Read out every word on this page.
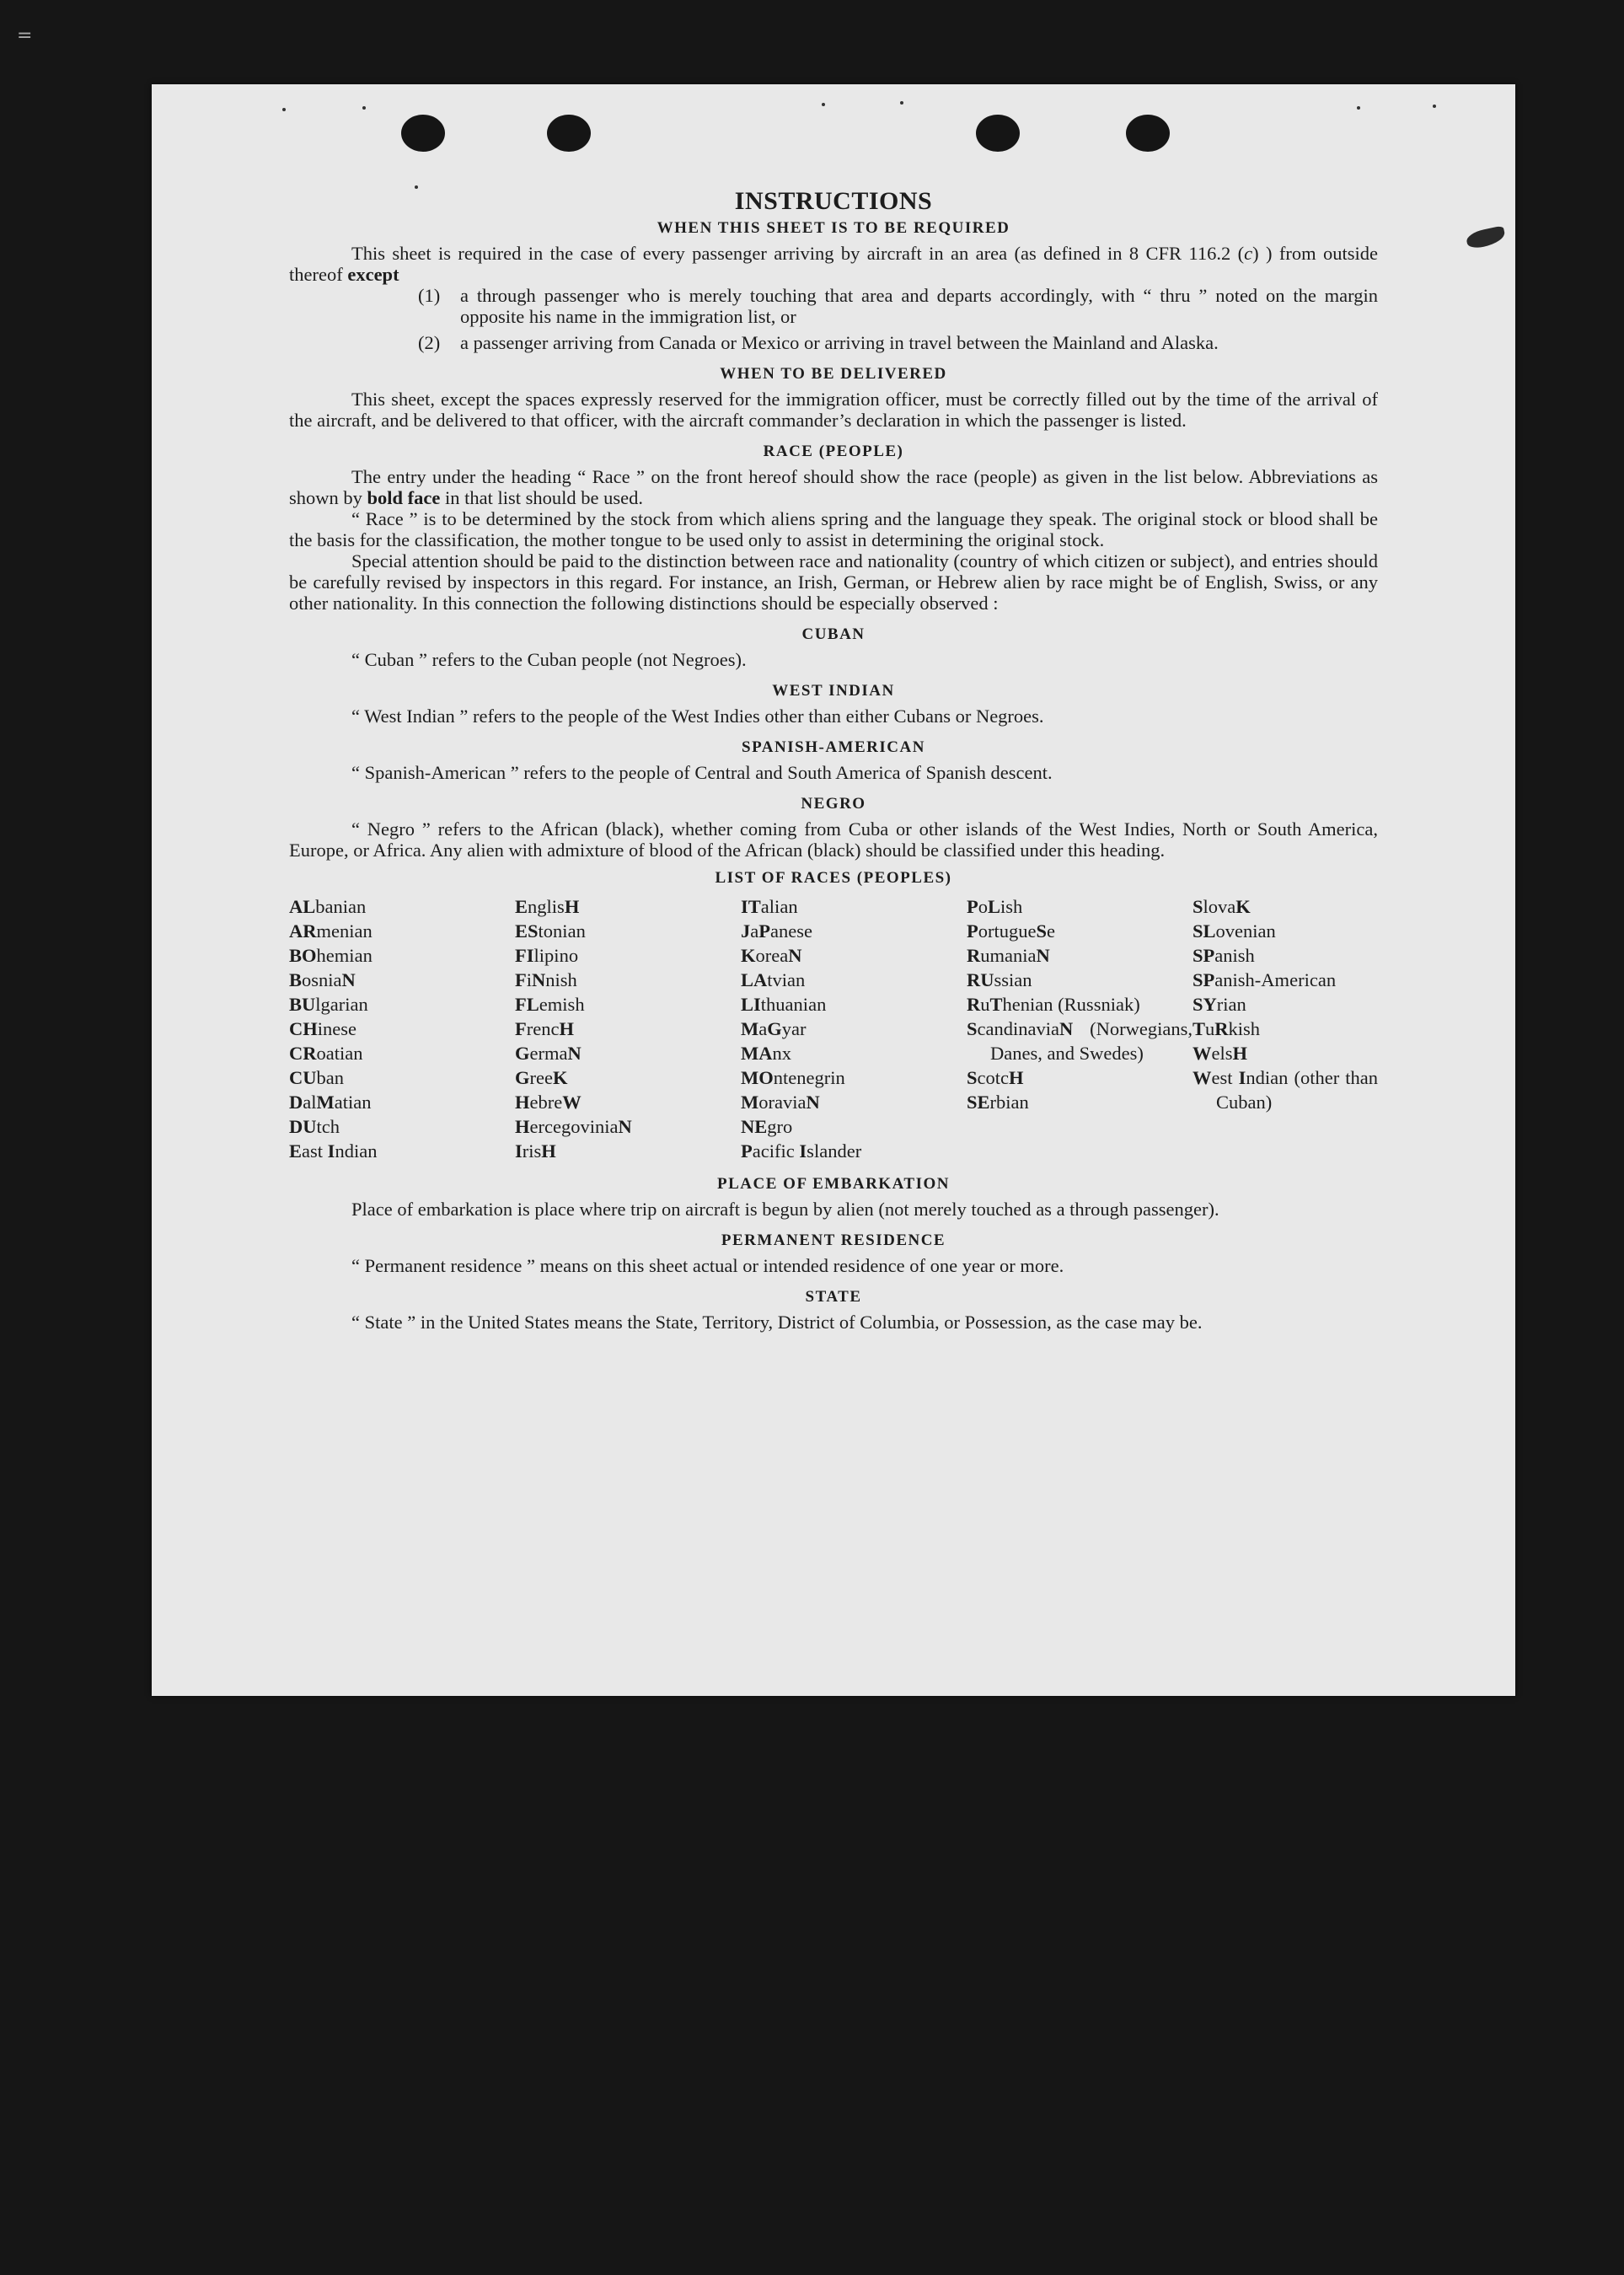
=
INSTRUCTIONS
WHEN THIS SHEET IS TO BE REQUIRED

This sheet is required in the case of every passenger arriving by aircraft in an area (as defined in 8 CFR 116.2 (c) ) from outside thereof except

(1)	a through passenger who is merely touching that area and departs accordingly, with “ thru ” noted on the margin opposite his name in the immigration list, or
(2)	a passenger arriving from Canada or Mexico or arriving in travel between the Mainland and Alaska.
WHEN TO BE DELIVERED

This sheet, except the spaces expressly reserved for the immigration officer, must be correctly filled out by the time of the arrival of the aircraft, and be delivered to that officer, with the aircraft commander’s declaration in which the passenger is listed.

RACE (PEOPLE)

The entry under the heading “ Race ” on the front hereof should show the race (people) as given in the list below. Abbreviations as shown by bold face in that list should be used.

“ Race ” is to be determined by the stock from which aliens spring and the language they speak. The original stock or blood shall be the basis for the classification, the mother tongue to be used only to assist in determining the original stock.

Special attention should be paid to the distinction between race and nationality (country of which citizen or subject), and entries should be carefully revised by inspectors in this regard. For instance, an Irish, German, or Hebrew alien by race might be of English, Swiss, or any other nationality. In this connection the following distinctions should be especially observed :

CUBAN

“ Cuban ” refers to the Cuban people (not Negroes).

WEST INDIAN

“ West Indian ” refers to the people of the West Indies other than either Cubans or Negroes.

SPANISH-AMERICAN

“ Spanish-American ” refers to the people of Central and South America of Spanish descent.

NEGRO

“ Negro ” refers to the African (black), whether coming from Cuba or other islands of the West Indies, North or South America, Europe, or Africa. Any alien with admixture of blood of the African (black) should be classified under this heading.

LIST OF RACES (PEOPLES)
ALbanian
ARmenian
BOhemian
BosniaN
BUlgarian
CHinese
CRoatian
CUban
DalMatian
DUtch
East Indian
EnglisH
EStonian
FIlipino
FiNnish
FLemish
FrencH
GermaN
GreeK
HebreW
HercegoviniaN
IrisH
ITalian
JaPanese
KoreaN
LAtvian
LIthuanian
MaGyar
MAnx
MOntenegrin
MoraviaN
NEgro
Pacific Islander
PoLish
PortugueSe
RumaniaN
RUssian
RuThenian (Russniak)
ScandinaviaN (Norwegians, Danes, and Swedes)
ScotcH
SErbian
SlovaK
SLovenian
SPanish
SPanish-American
SYrian
TuRkish
WelsH
West Indian (other than Cuban)
PLACE OF EMBARKATION

Place of embarkation is place where trip on aircraft is begun by alien (not merely touched as a through passenger).

PERMANENT RESIDENCE

“ Permanent residence ” means on this sheet actual or intended residence of one year or more.

STATE

“ State ” in the United States means the State, Territory, District of Columbia, or Possession, as the case may be.
